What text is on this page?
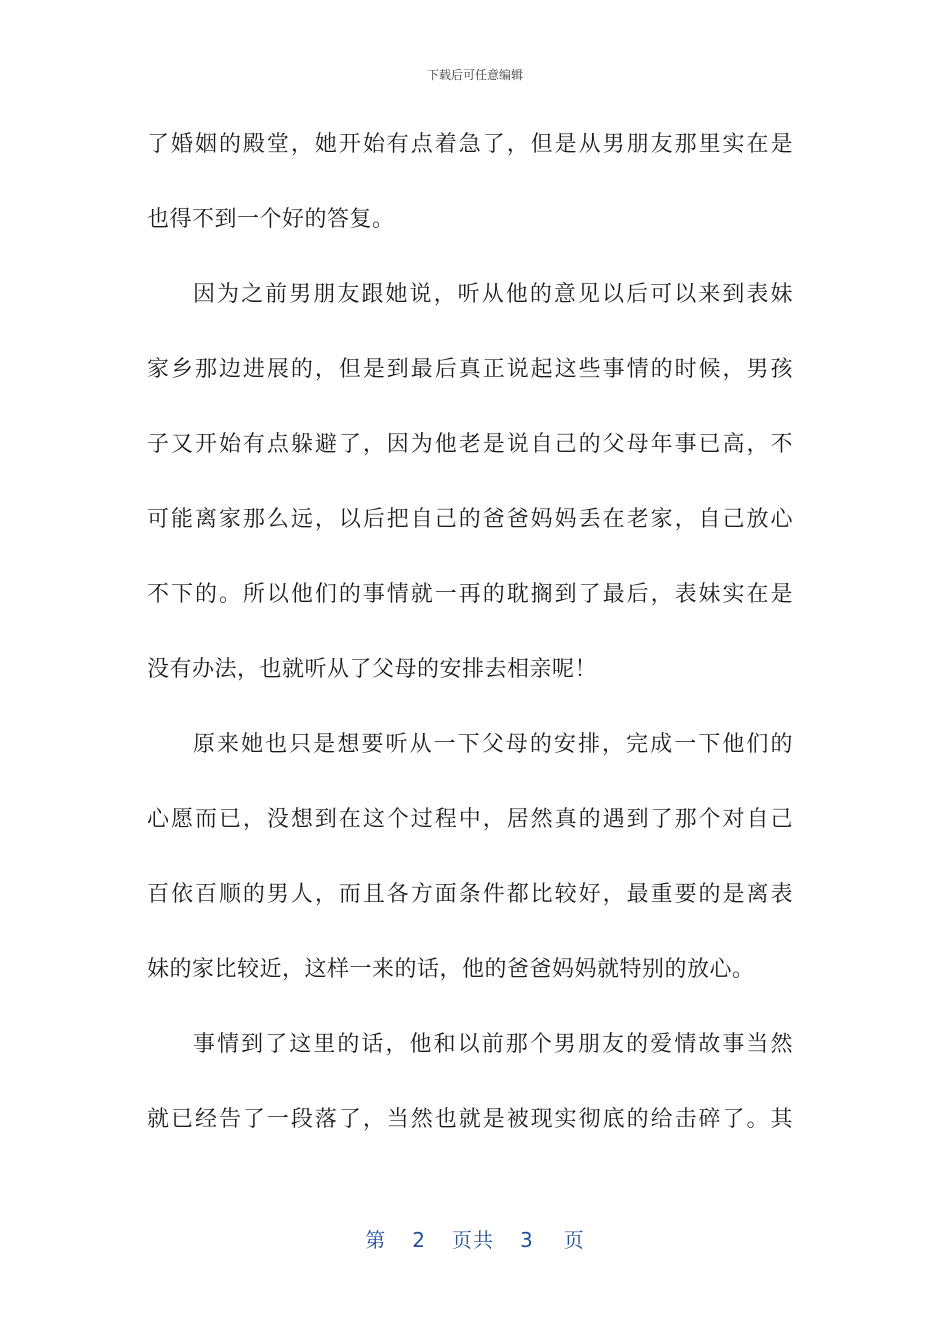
下载后可任意编辑
了婚姻的殿堂，她开始有点着急了，但是从男朋友那里实在是
也得不到一个好的答复。
因为之前男朋友跟她说，听从他的意见以后可以来到表妹
家乡那边进展的，但是到最后真正说起这些事情的时候，男孩
子又开始有点躲避了，因为他老是说自己的父母年事已高，不
可能离家那么远，以后把自己的爸爸妈妈丢在老家，自己放心
不下的。所以他们的事情就一再的耽搁到了最后，表妹实在是
没有办法，也就听从了父母的安排去相亲呢！
原来她也只是想要听从一下父母的安排，完成一下他们的
心愿而已，没想到在这个过程中，居然真的遇到了那个对自己
百依百顺的男人，而且各方面条件都比较好，最重要的是离表
妹的家比较近，这样一来的话，他的爸爸妈妈就特别的放心。
事情到了这里的话，他和以前那个男朋友的爱情故事当然
就已经告了一段落了，当然也就是被现实彻底的给击碎了。其
第 2 页共 3 页
